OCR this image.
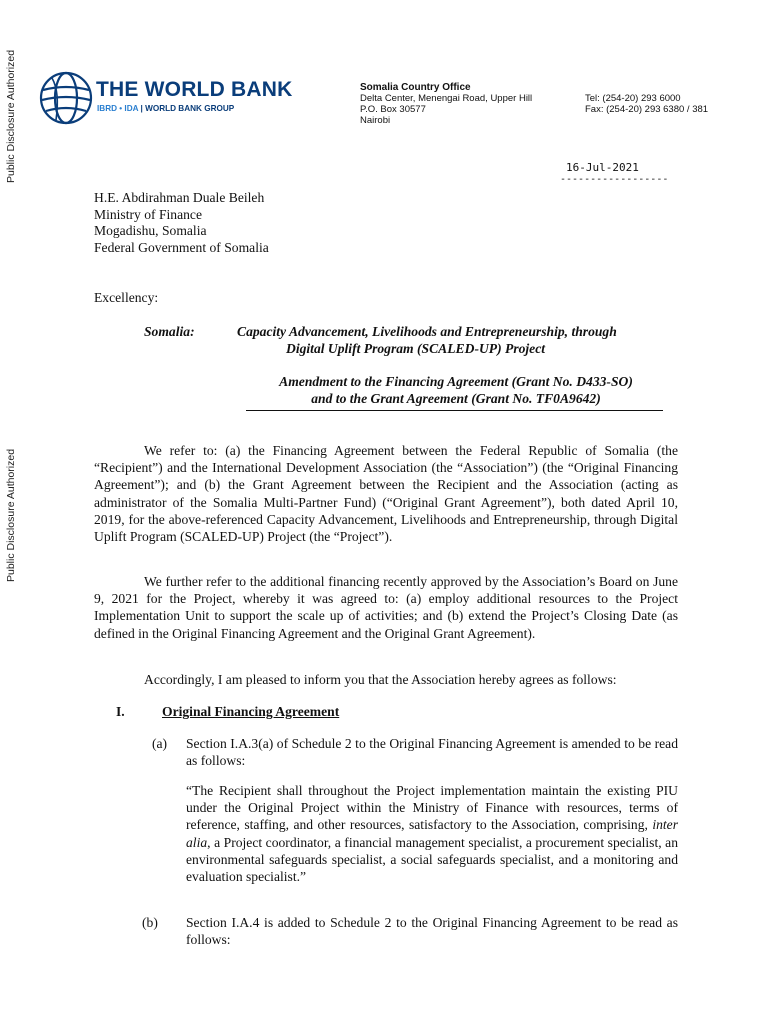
Public Disclosure Authorized
Public Disclosure Authorized
THE WORLD BANK
IBRD • IDA | WORLD BANK GROUP
Somalia Country Office
Delta Center, Menengai Road, Upper Hill
P.O. Box 30577
Nairobi
Tel: (254-20) 293 6000
Fax: (254-20) 293 6380 / 381
16-Jul-2021
------------------
H.E. Abdirahman Duale Beileh
Ministry of Finance
Mogadishu, Somalia
Federal Government of Somalia
Excellency:
Somalia:	Capacity Advancement, Livelihoods and Entrepreneurship, through
Digital Uplift Program (SCALED-UP) Project
Amendment to the Financing Agreement (Grant No. D433-SO)
and to the Grant Agreement (Grant No. TF0A9642)
We refer to: (a) the Financing Agreement between the Federal Republic of Somalia (the “Recipient”) and the International Development Association (the “Association”) (the “Original Financing Agreement”); and (b) the Grant Agreement between the Recipient and the Association (acting as administrator of the Somalia Multi-Partner Fund) (“Original Grant Agreement”), both dated April 10, 2019, for the above-referenced Capacity Advancement, Livelihoods and Entrepreneurship, through Digital Uplift Program (SCALED-UP) Project (the “Project”).
We further refer to the additional financing recently approved by the Association’s Board on June 9, 2021 for the Project, whereby it was agreed to: (a) employ additional resources to the Project Implementation Unit to support the scale up of activities; and (b) extend the Project’s Closing Date (as defined in the Original Financing Agreement and the Original Grant Agreement).
Accordingly, I am pleased to inform you that the Association hereby agrees as follows:
I.	Original Financing Agreement
(a) Section I.A.3(a) of Schedule 2 to the Original Financing Agreement is amended to be read as follows:
“The Recipient shall throughout the Project implementation maintain the existing PIU under the Original Project within the Ministry of Finance with resources, terms of reference, staffing, and other resources, satisfactory to the Association, comprising, inter alia, a Project coordinator, a financial management specialist, a procurement specialist, an environmental safeguards specialist, a social safeguards specialist, and a monitoring and evaluation specialist.”
(b) Section I.A.4 is added to Schedule 2 to the Original Financing Agreement to be read as follows:
